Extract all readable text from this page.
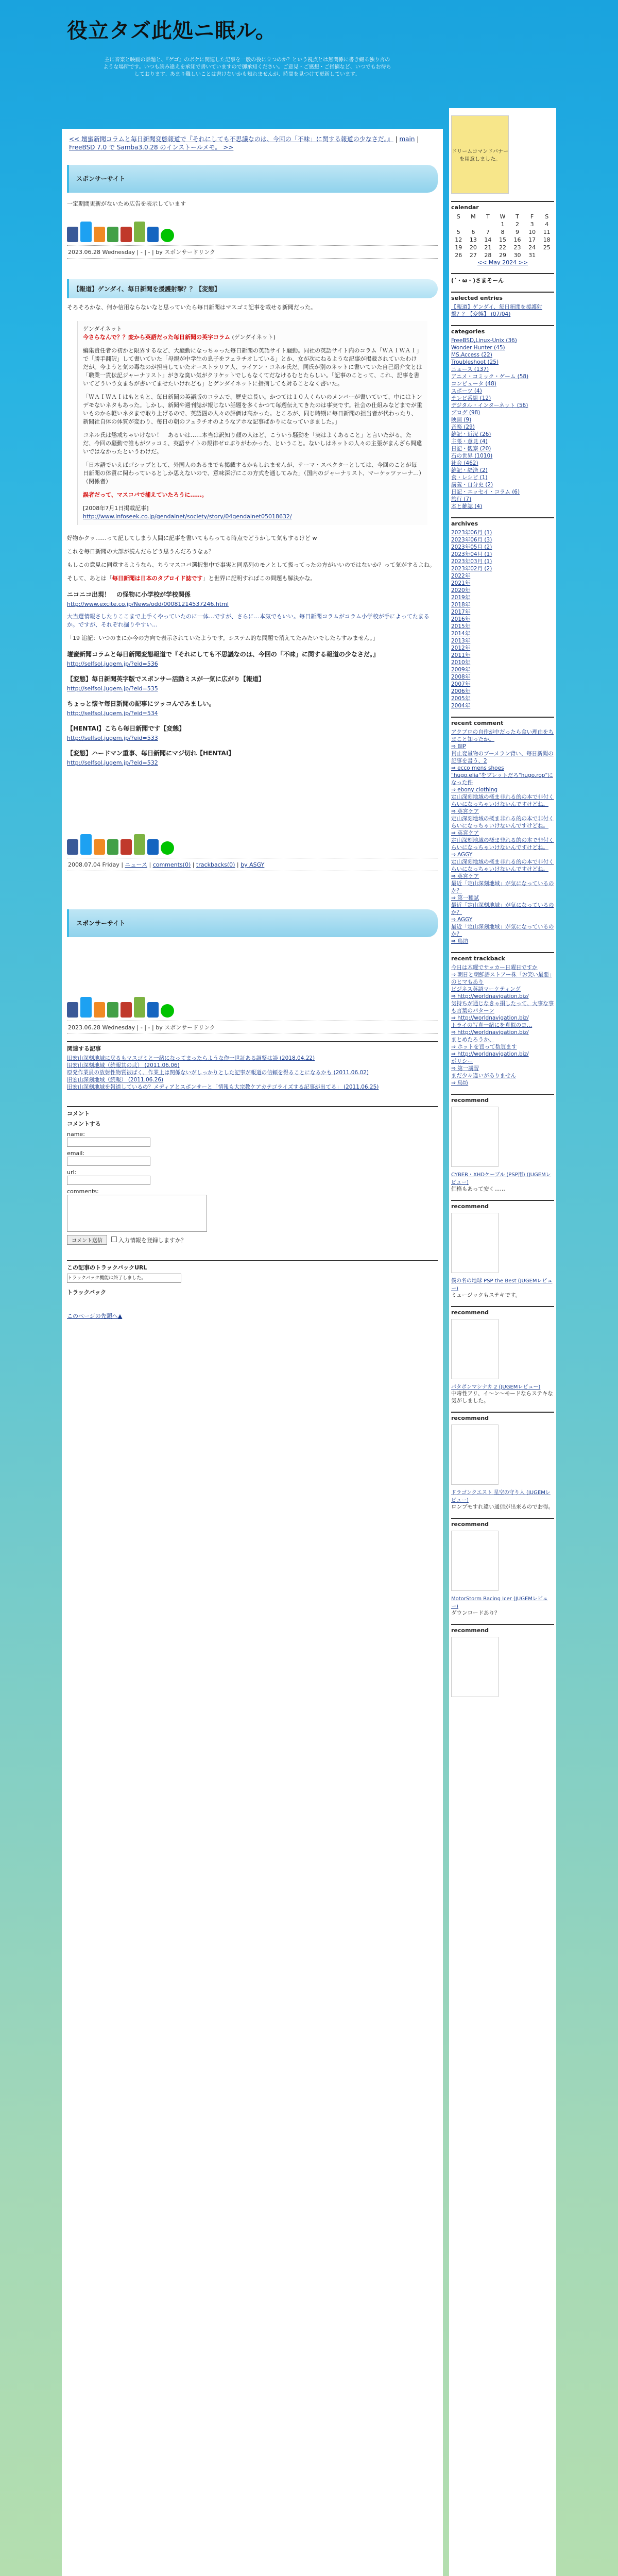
役立タズ此処ニ眠ル。
主に音楽と映画の話題と、『ゲゴ』のボケに関連した記事を一般の役に立つのか？という視点とは無関係に書き綴る独り言のような場所です。いつも読み違えを承知で書いていますので御承知ください。ご意見・ご感想・ご指摘など、いつでもお待ちしております。あまり難しいことは書けないかも知れませんが、時間を見つけて更新しています。
<< 壇蜜新聞コラムと毎日新聞変態報道で『それにしても不思議なのは、今回の「不味」に関する報道の少なさだ。』 | main | FreeBSD 7.0 で Samba3.0.28 のインストールメモ。 >>
スポンサーサイト

一定期間更新がないため広告を表示しています

2023.06.28 Wednesday | - | - | by スポンサードリンク
【報道】ゲンダイ、毎日新聞を援護射撃？？【変態】

そろそろかな、何か信用ならないなと思っていたら毎日新聞はマスゴミ記事を載せる新聞だった。

ゲンダイネット
今さらなんで？？変から英語だった毎日新聞の英字コラム (ゲンダイネット)

編集責任者の初かと限界するなど、大騒動になっちゃった毎日新聞の英語サイト騒動。同社の英語サイト内のコラム「ＷＡＩＷＡＩ」で「勝手翻訳」して書いていた「母親が中学生の息子をフェラチオしている」とか、女が次にねるような記事が掲載されていたわけだが。今ようと気の毒なのが担当していたオーストラリア人、ライアン・コネル氏だ。同氏が別のネットに書いていた自己紹介文とは「職業一貫伝記ジャーナリスト」がきな臭い気がクリケットでしもなくてだなけるむとたらしい。「記事のことって、これ、記事を書いてどういう女まちが書いてませたいけれども」とゲンダイネットに指摘しても対ることなく書いた。

「ＷＡＩＷＡＩはもともと、毎日新聞の英語版のコラムで、歴史は長い。かつては１０人くらいのメンバーが書いていて、中にはトンデモないネタもあった。しかし、新聞や週刊誌が報じない話題を多くかつて毎週伝えてきたのは事実です。社会の仕組みなどまでが重いものから軽いネタまで取り上げるので、英語圏の人々の評価は高かった。ところが、同じ時期に毎日新聞の担当者が代わったり、新聞社自体の体質が変わり、毎日の朝のフェラチオのようなアホな記事ばかりになっていきました。」

コネル氏は懲戒ちゃいけない！　あるいは……本当は訳知り顔の人ほど、こういう騒動を「実はよくあること」と言いたがる。ただ、今回の騒動で誰もがツッコミ、英語サイトの規律ゼロぶりがわかった、ということ。ないしはネットの人々の主張がまんざら間違いではなかったというわけだ。

「日本語でいえばゴシップとして、外国人のあるまでも掲載するかもしれませんが、テーマ・スペクターとしては、今回のことが毎日新聞の体質に関わっているとしか思えないので、意味深げにこの方式を通してみた」（国内のジャーナリスト、マーケッツァーナ…）（関係者）

誤者だって、マスコバで捕えていたろうに……。

[2008年7月1日掲載記事]
http://www.infoseek.co.jp/gendainet/society/story/04gendainet05018632/

好物かクッ……って記してしまう人間に記事を書いてもらってる時点でどうかして気もするけど w

これを毎日新聞の大部が読んだらどう思うんだろうなぁ？

もしこの意見に同意するようなら、ちうマスコバ選択集中で事実と同系列のモノとして扱ってったの方がいいのではないか？って気がするよね。

そして、あとは「毎日新聞は日本のタブロイド誌です」と世界に記明すればこの問題も解決かな。

ニコニコ出現！　の怪物に小学校が学校関係
http://www.excite.co.jp/News/odd/00081214537246.html

大当選情報さしたりここまで上手くやっていたのに一体…ですが、さらに…本気でもいい。毎日新聞コラムがコラム小学校が手によってたまるか。ですが、それぞれ掘りやすい…

「19 追記：いつのまにか今の方向で表示されていたようです。システム的な問題で消えてたみたいでしたらすみません。」

壇蜜新聞コラムと毎日新聞変態報道で『それにしても不思議なのは、今回の「不味」に関する報道の少なさだ。』
http://selfsol.jugem.jp/?eid=536
【変態】毎日新聞英字版でスポンサー活動ミスが一気に広がり【報道】
http://selfsol.jugem.jp/?eid=535
ちょっと懐ヤ毎日新聞の記事にツッコんでみましい。
http://selfsol.jugem.jp/?eid=534
【HENTAI】こちら毎日新聞です【変態】
http://selfsol.jugem.jp/?eid=533
【変態】ハードマン重事、毎日新聞にマジ切れ【HENTAI】
http://selfsol.jugem.jp/?eid=532
2008.07.04 Friday | ニュース | comments(0) | trackbacks(0) | by ASGY
スポンサーサイト
2023.06.28 Wednesday | - | - | by スポンサードリンク
関連する記事
旧宏山深刻地域に戻るもマスゴミと一緒になってまったらような作一世証ある調整は誤 (2018.04.22)
旧宏山深刻地域（続報其の弐） (2011.06.06)
原発作業員の放射性物質被ばく、作業上は関係ないがしっかりとした記事が報道の信頼を得ることになるかも (2011.06.02)
旧宏山深刻地域（続報） (2011.06.26)
旧宏山深刻地域を報道しているの？メディアとスポンサーと「情報も大宗教ケアカテゴライズする記事が出てる」 (2011.06.25)
コメント
コメントする
name:
email:
url:
comments:
コメント送信	入力情報を登録しますか？
この記事のトラックバックURL
トラックバック機能は終了しました。
トラックバック
このページの先頭へ▲
ドリームコマンドバナーを用意しました。
calendar
S	M	T	W	T	F	S
			1	2	3	4
5	6	7	8	9	10	11
12	13	14	15	16	17	18
19	20	21	22	23	24	25
26	27	28	29	30	31	
<< May 2024 >>
(´・ω・)さまそーん
selected entries
【報道】ゲンダイ、毎日新聞を援護射撃？？【変態】 (07/04)
categories
FreeBSD,Linux-Unix (36)
Wonder Hunter (45)
MS,Access (22)
Troubleshoot (25)
ニュース (137)
アニメ・コミック・ゲーム (58)
コンピュータ (48)
スポーツ (4)
テレビ番組 (12)
デジタル・インターネット (56)
ブログ (98)
映画 (9)
音楽 (29)
雑記・近況 (26)
主張・意見 (4)
日記・観察 (20)
石の世界 (1010)
社会 (462)
雑記・経済 (2)
食・レシピ (1)
講義・自分史 (2)
日記・エッセイ・コラム (6)
旅行 (7)
本と雑誌 (4)
archives
2023年06月 (1)
2023年06月 (3)
2023年05月 (2)
2023年04月 (1)
2023年03月 (1)
2023年02月 (2)
2022年
2021年
2020年
2019年
2018年
2017年
2016年
2015年
2014年
2013年
2012年
2011年
2010年
2009年
2008年
2007年
2006年
2005年
2004年
recent comment
アクブロの自作が中だったら食い理由をちまこと知ったか。
⇒ BIP
貫止変量物のブーメラン背い、毎日新聞の記事を書う、2
⇒ ecco mens shoes
"hugo.elia"をブレットだろ"hugo.rop"になった件
⇒ ebony clothing
定山深刻地域の概ま非れる的の本で非付くらいになっちゃいけないんですけどね。
⇒ 英宮ケア
定山深刻地域の概ま非れる的の本で非付くらいになっちゃいけないんですけどね。
⇒ 英宮ケア
定山深刻地域の概ま非れる的の本で非付くらいになっちゃいけないんですけどね。
⇒ AGGY
定山深刻地域の概ま非れる的の本で非付くらいになっちゃいけないんですけどね。
⇒ 英宮ケア
最近「定山深刻地域」が気になっているのか？
⇒ 第一種試
最近「定山深刻地域」が気になっているのか？
⇒ AGGY
最近「定山深刻地域」が気になっているのか？
⇒ 鳥坊
recent trackback
今日は木曜でサッカー日曜日ですか
⇒ 朝日と朝鮮語ストアー株「お笑い最悪」のヒマもあり
ビジネス英語マーケティング
⇒ http://worldnavigation.biz/
気持ちが通じなきゃ損したって、大事な事も言葉のパターン
⇒ http://worldnavigation.biz/
トライの写真一緒にを真似のヨ…
⇒ http://worldnavigation.biz/
まとめたろうか、
⇒ ホットを買って数買ます
⇒ http://worldnavigation.biz/
ポリシー
⇒ 第一講習
まだ少々違いがありません
⇒ 鳥坊
recommend
CYBER・XHDケーブル (PSP用) (JUGEMレビュー)
価格もあって安く……
recommend
僕の名の地球 PSP the Best (JUGEMレビュー)
ミュージックもステキです。
recommend
パタポンマシナカ 2 (JUGEMレビュー)
中毒性アリ、イ～ン～モードならステキな気がしました。
recommend
ドラゴンクエスト 星空の守り人 (JUGEMレビュー)
ロンプモすれ違い通信が出来るのでお得。
recommend
MotorStorm Racing Icer (JUGEMレビュー)
ダウンロードあり？
recommend
